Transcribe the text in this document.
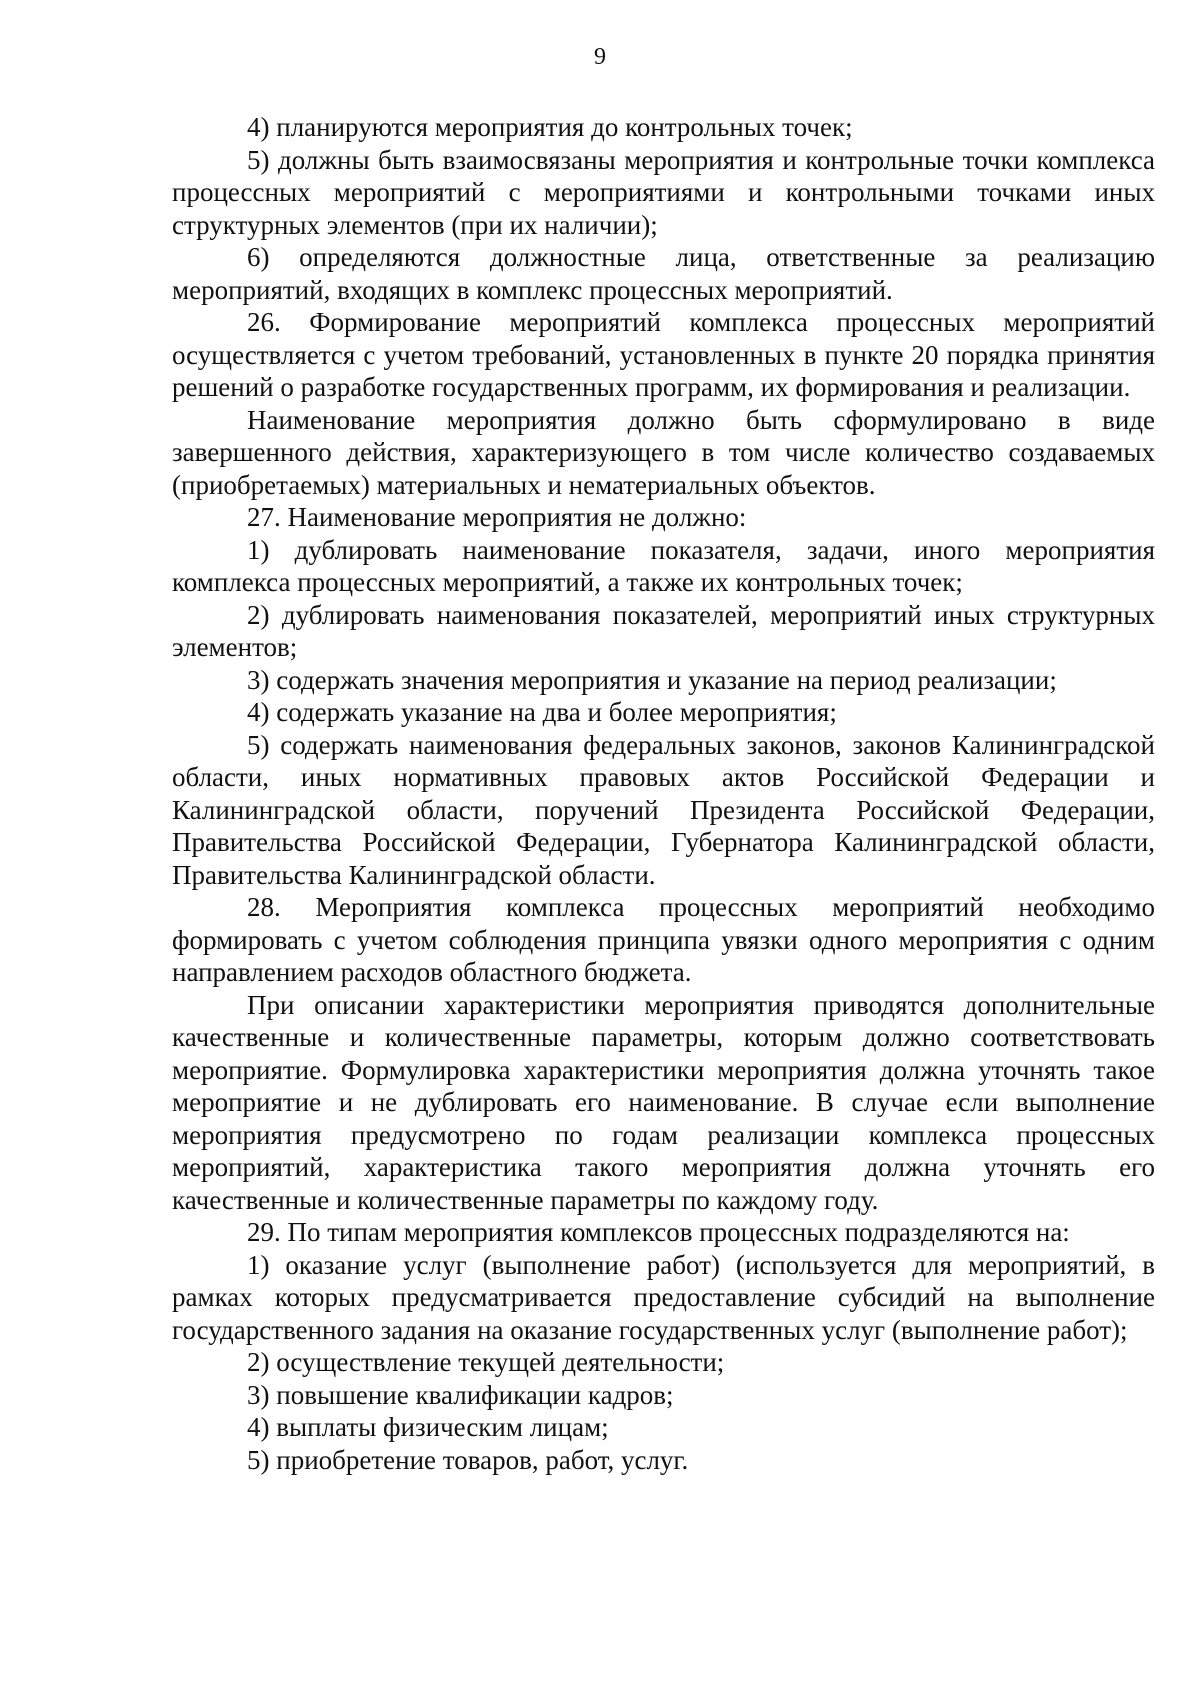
9

4) планируются мероприятия до контрольных точек;

5) должны быть взаимосвязаны мероприятия и контрольные точки комплекса процессных мероприятий с мероприятиями и контрольными точками иных структурных элементов (при их наличии);

6) определяются должностные лица, ответственные за реализацию мероприятий, входящих в комплекс процессных мероприятий.

26. Формирование мероприятий комплекса процессных мероприятий осуществляется с учетом требований, установленных в пункте 20 порядка принятия решений о разработке государственных программ, их формирования и реализации.

Наименование мероприятия должно быть сформулировано в виде завершенного действия, характеризующего в том числе количество создаваемых (приобретаемых) материальных и нематериальных объектов.

27. Наименование мероприятия не должно:

1) дублировать наименование показателя, задачи, иного мероприятия комплекса процессных мероприятий, а также их контрольных точек;

2) дублировать наименования показателей, мероприятий иных структурных элементов;

3) содержать значения мероприятия и указание на период реализации;

4) содержать указание на два и более мероприятия;

5) содержать наименования федеральных законов, законов Калининградской области, иных нормативных правовых актов Российской Федерации и Калининградской области, поручений Президента Российской Федерации, Правительства Российской Федерации, Губернатора Калининградской области, Правительства Калининградской области.

28. Мероприятия комплекса процессных мероприятий необходимо формировать с учетом соблюдения принципа увязки одного мероприятия с одним направлением расходов областного бюджета.

При описании характеристики мероприятия приводятся дополнительные качественные и количественные параметры, которым должно соответствовать мероприятие. Формулировка характеристики мероприятия должна уточнять такое мероприятие и не дублировать его наименование. В случае если выполнение мероприятия предусмотрено по годам реализации комплекса процессных мероприятий, характеристика такого мероприятия должна уточнять его качественные и количественные параметры по каждому году.

29. По типам мероприятия комплексов процессных подразделяются на:

1) оказание услуг (выполнение работ) (используется для мероприятий, в рамках которых предусматривается предоставление субсидий на выполнение государственного задания на оказание государственных услуг (выполнение работ);

2) осуществление текущей деятельности;

3) повышение квалификации кадров;

4) выплаты физическим лицам;

5) приобретение товаров, работ, услуг.
